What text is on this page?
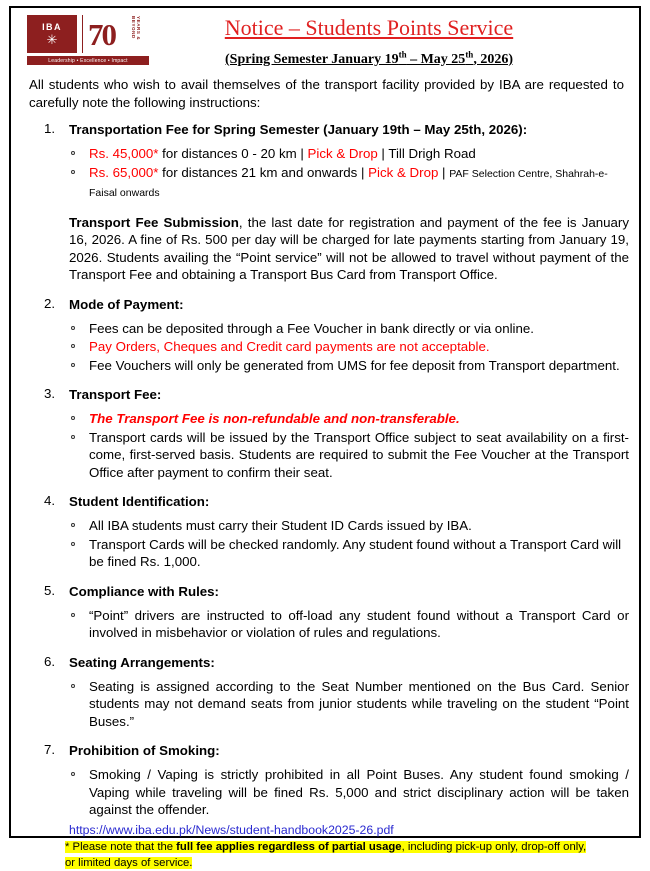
IBA
✳ 70	YEARS & BEYOND
Leadership • Excellence • Impact
Notice – Students Points Service
(Spring Semester January 19th – May 25th, 2026)
All students who wish to avail themselves of the transport facility provided by IBA are requested to carefully note the following instructions:
1. Transportation Fee for Spring Semester (January 19th – May 25th, 2026):
Rs. 45,000* for distances 0 - 20 km | Pick & Drop | Till Drigh Road
Rs. 65,000* for distances 21 km and onwards | Pick & Drop | PAF Selection Centre, Shahrah-e-Faisal onwards
Transport Fee Submission, the last date for registration and payment of the fee is January 16, 2026. A fine of Rs. 500 per day will be charged for late payments starting from January 19, 2026. Students availing the “Point service” will not be allowed to travel without payment of the Transport Fee and obtaining a Transport Bus Card from Transport Office.
2. Mode of Payment:
Fees can be deposited through a Fee Voucher in bank directly or via online.
Pay Orders, Cheques and Credit card payments are not acceptable.
Fee Vouchers will only be generated from UMS for fee deposit from Transport department.
3. Transport Fee:
The Transport Fee is non-refundable and non-transferable.
Transport cards will be issued by the Transport Office subject to seat availability on a first-come, first-served basis. Students are required to submit the Fee Voucher at the Transport Office after payment to confirm their seat.
4. Student Identification:
All IBA students must carry their Student ID Cards issued by IBA.
Transport Cards will be checked randomly. Any student found without a Transport Card will be fined Rs. 1,000.
5. Compliance with Rules:
“Point” drivers are instructed to off-load any student found without a Transport Card or involved in misbehavior or violation of rules and regulations.
6. Seating Arrangements:
Seating is assigned according to the Seat Number mentioned on the Bus Card. Senior students may not demand seats from junior students while traveling on the student “Point Buses.”
7. Prohibition of Smoking:
Smoking / Vaping is strictly prohibited in all Point Buses. Any student found smoking / Vaping while traveling will be fined Rs. 5,000 and strict disciplinary action will be taken against the offender.
https://www.iba.edu.pk/News/student-handbook2025-26.pdf
* Please note that the full fee applies regardless of partial usage, including pick-up only, drop-off only, or limited days of service.
